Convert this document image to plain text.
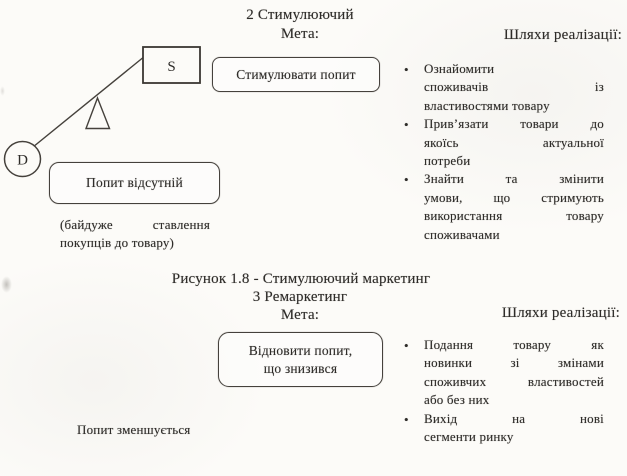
2 Стимулюючий
Мета:	Шляхи реалізації:
S
D
Стимулювати попит
Попит відсутній
(байдуже ставлення
покупців до товару)
• Ознайомити
споживачів із
властивостями товару
• Прив’язати товари до
якоїсь актуальної
потреби
• Знайти та змінити
умови, що стримують
використання товару
споживачами
Рисунок 1.8 - Стимулюючий маркетинг
3 Ремаркетинг
Мета:	Шляхи реалізації:
D
D
S	Відновити попит,
що знизився
Попит зменшується
• Подання товару як
новинки зі змінами
споживчих властивостей
або без них
• Вихід на нові
сегменти ринку
